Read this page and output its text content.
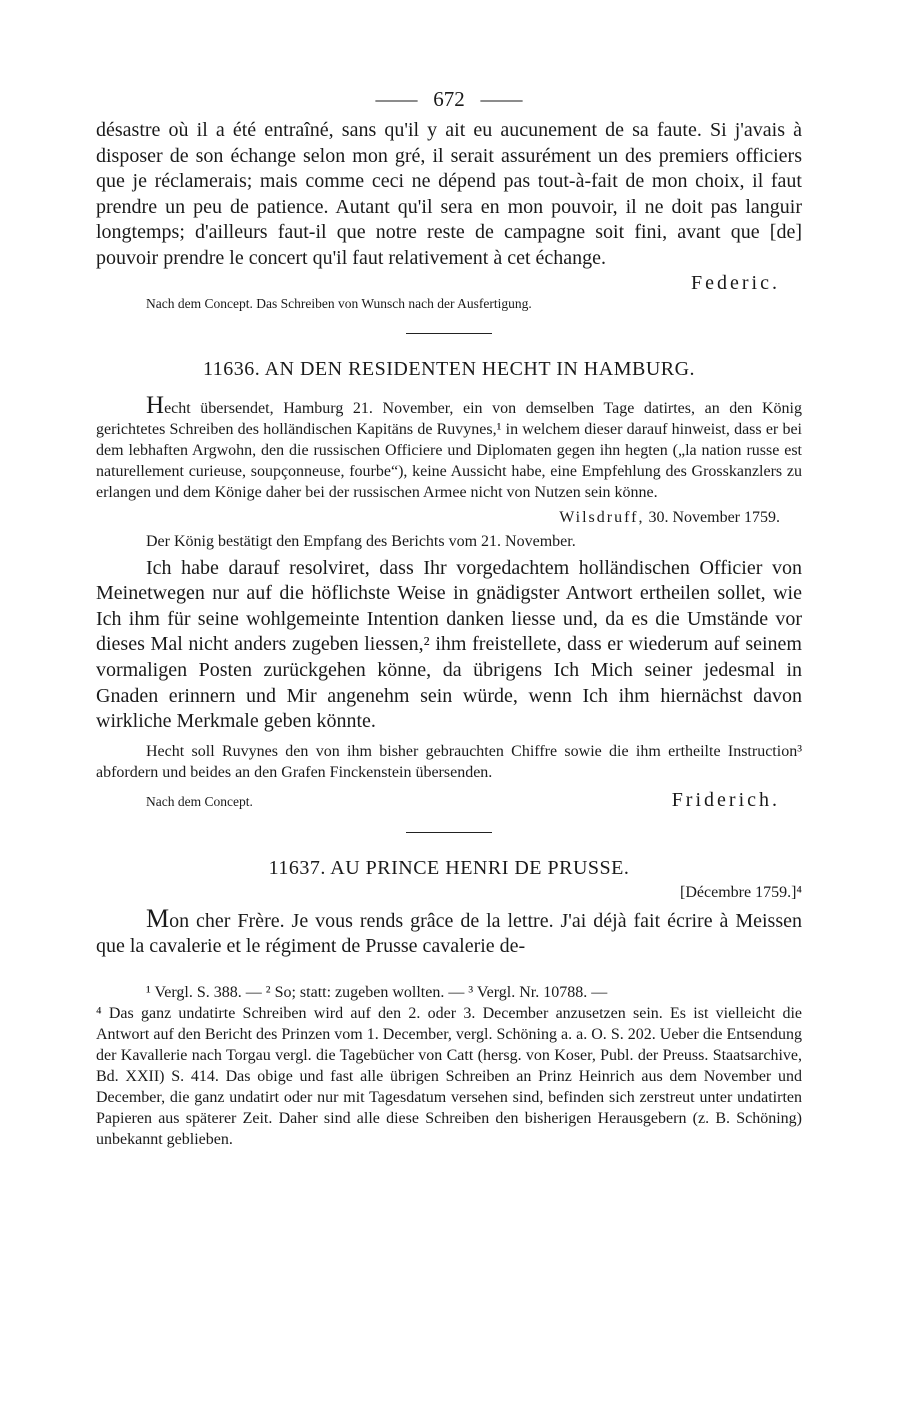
—— 672 ——

désastre où il a été entraîné, sans qu'il y ait eu aucunement de sa faute. Si j'avais à disposer de son échange selon mon gré, il serait assurément un des premiers officiers que je réclamerais; mais comme ceci ne dépend pas tout-à-fait de mon choix, il faut prendre un peu de patience. Autant qu'il sera en mon pouvoir, il ne doit pas languir longtemps; d'ailleurs faut-il que notre reste de campagne soit fini, avant que [de] pouvoir prendre le concert qu'il faut relativement à cet échange.

Federic.

Nach dem Concept. Das Schreiben von Wunsch nach der Ausfertigung.

11636. AN DEN RESIDENTEN HECHT IN HAMBURG.

Hecht übersendet, Hamburg 21. November, ein von demselben Tage datirtes, an den König gerichtetes Schreiben des holländischen Kapitäns de Ruvynes,¹ in welchem dieser darauf hinweist, dass er bei dem lebhaften Argwohn, den die russischen Officiere und Diplomaten gegen ihn hegten („la nation russe est naturellement curieuse, soupçonneuse, fourbe“), keine Aussicht habe, eine Empfehlung des Grosskanzlers zu erlangen und dem Könige daher bei der russischen Armee nicht von Nutzen sein könne.

Wilsdruff, 30. November 1759.

Der König bestätigt den Empfang des Berichts vom 21. November.

Ich habe darauf resolviret, dass Ihr vorgedachtem holländischen Officier von Meinetwegen nur auf die höflichste Weise in gnädigster Antwort ertheilen sollet, wie Ich ihm für seine wohlgemeinte Intention danken liesse und, da es die Umstände vor dieses Mal nicht anders zugeben liessen,² ihm freistellete, dass er wiederum auf seinem vormaligen Posten zurückgehen könne, da übrigens Ich Mich seiner jedesmal in Gnaden erinnern und Mir angenehm sein würde, wenn Ich ihm hiernächst davon wirkliche Merkmale geben könnte.

Hecht soll Ruvynes den von ihm bisher gebrauchten Chiffre sowie die ihm ertheilte Instruction³ abfordern und beides an den Grafen Finckenstein übersenden.

Nach dem Concept.	Friderich.

11637. AU PRINCE HENRI DE PRUSSE.

[Décembre 1759.]⁴

Mon cher Frère. Je vous rends grâce de la lettre. J'ai déjà fait écrire à Meissen que la cavalerie et le régiment de Prusse cavalerie de-

¹ Vergl. S. 388. — ² So; statt: zugeben wollten. — ³ Vergl. Nr. 10788. —

⁴ Das ganz undatirte Schreiben wird auf den 2. oder 3. December anzusetzen sein. Es ist vielleicht die Antwort auf den Bericht des Prinzen vom 1. December, vergl. Schöning a. a. O. S. 202. Ueber die Entsendung der Kavallerie nach Torgau vergl. die Tagebücher von Catt (hersg. von Koser, Publ. der Preuss. Staatsarchive, Bd. XXII) S. 414. Das obige und fast alle übrigen Schreiben an Prinz Heinrich aus dem November und December, die ganz undatirt oder nur mit Tagesdatum versehen sind, befinden sich zerstreut unter undatirten Papieren aus späterer Zeit. Daher sind alle diese Schreiben den bisherigen Herausgebern (z. B. Schöning) unbekannt geblieben.
